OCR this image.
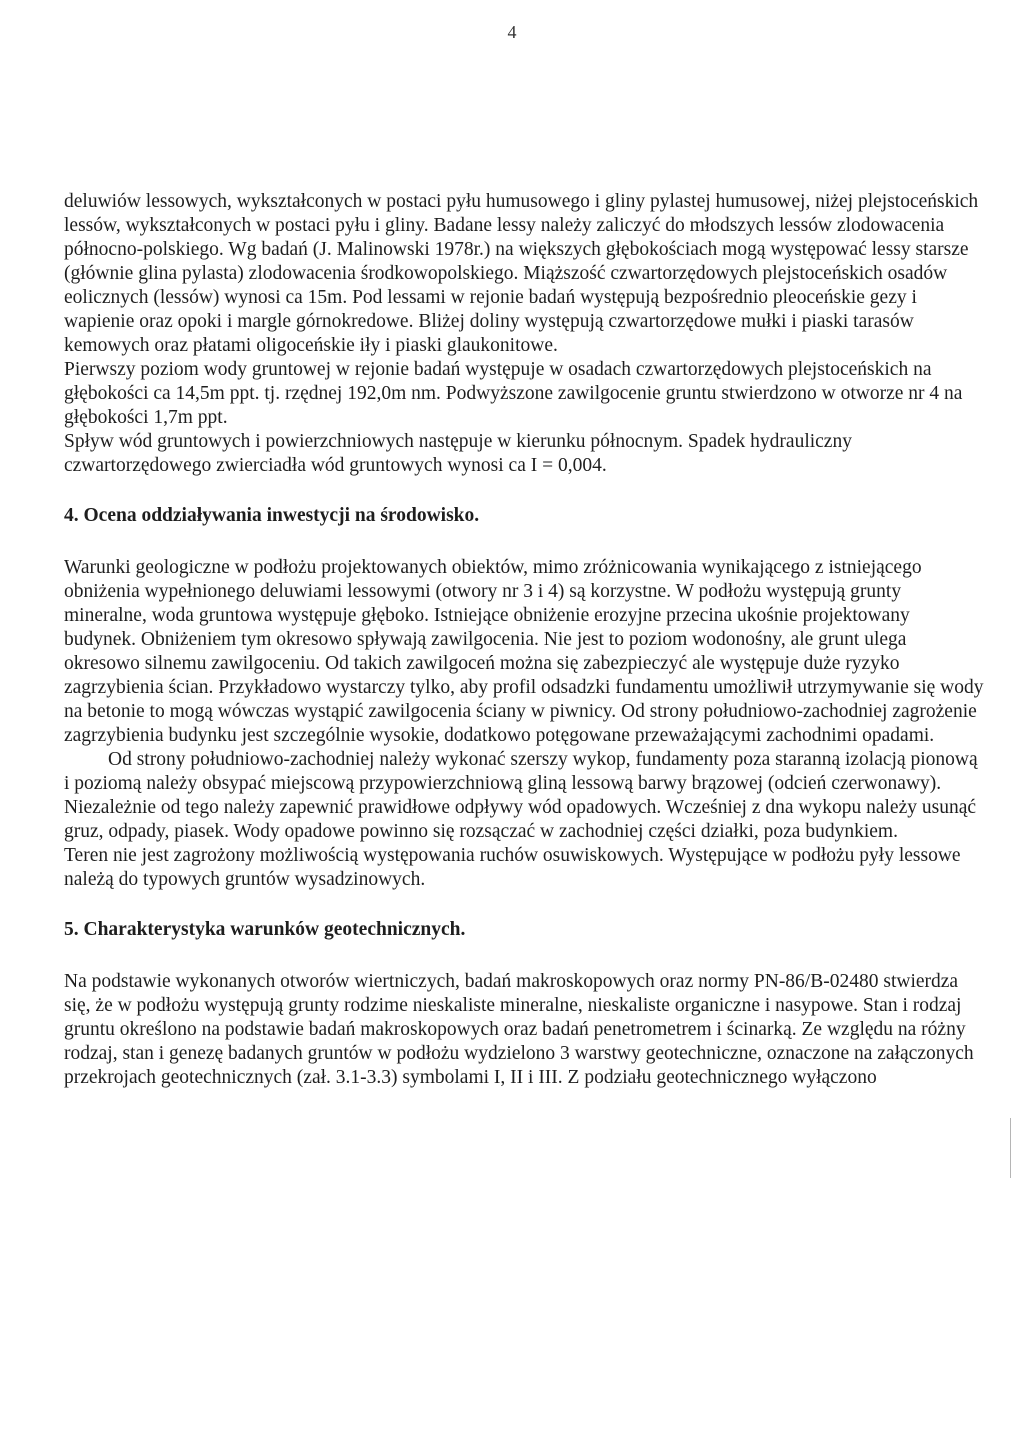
4

deluwiów lessowych, wykształconych w postaci pyłu humusowego i gliny pylastej humusowej, niżej plejstoceńskich lessów, wykształconych w postaci pyłu i gliny. Badane lessy należy zaliczyć do młodszych lessów zlodowacenia północno-polskiego. Wg badań (J. Malinowski 1978r.) na większych głębokościach mogą występować lessy starsze (głównie glina pylasta) zlodowacenia środkowopolskiego. Miąższość czwartorzędowych plejstoceńskich osadów eolicznych (lessów) wynosi ca 15m. Pod lessami w rejonie badań występują bezpośrednio pleoceńskie gezy i wapienie oraz opoki i margle górnokredowe. Bliżej doliny występują czwartorzędowe mułki i piaski tarasów kemowych oraz płatami oligoceńskie iły i piaski glaukonitowe.

Pierwszy poziom wody gruntowej w rejonie badań występuje w osadach czwartorzędowych plejstoceńskich na głębokości ca 14,5m ppt. tj. rzędnej 192,0m nm. Podwyższone zawilgocenie gruntu stwierdzono w otworze nr 4 na głębokości 1,7m ppt.

Spływ wód gruntowych i powierzchniowych następuje w kierunku północnym. Spadek hydrauliczny czwartorzędowego zwierciadła wód gruntowych wynosi ca I = 0,004.

4. Ocena oddziaływania inwestycji na środowisko.

Warunki geologiczne w podłożu projektowanych obiektów, mimo zróżnicowania wynikającego z istniejącego obniżenia wypełnionego deluwiami lessowymi (otwory nr 3 i 4) są korzystne. W podłożu występują grunty mineralne, woda gruntowa występuje głęboko. Istniejące obniżenie erozyjne przecina ukośnie projektowany budynek. Obniżeniem tym okresowo spływają zawilgocenia. Nie jest to poziom wodonośny, ale grunt ulega okresowo silnemu zawilgoceniu. Od takich zawilgoceń można się zabezpieczyć ale występuje duże ryzyko zagrzybienia ścian. Przykładowo wystarczy tylko, aby profil odsadzki fundamentu umożliwił utrzymywanie się wody na betonie to mogą wówczas wystąpić zawilgocenia ściany w piwnicy. Od strony południowo-zachodniej zagrożenie zagrzybienia budynku jest szczególnie wysokie, dodatkowo potęgowane przeważającymi zachodnimi opadami.

Od strony południowo-zachodniej należy wykonać szerszy wykop, fundamenty poza staranną izolacją pionową i poziomą należy obsypać miejscową przypowierzchniową gliną lessową barwy brązowej (odcień czerwonawy). Niezależnie od tego należy zapewnić prawidłowe odpływy wód opadowych. Wcześniej z dna wykopu należy usunąć gruz, odpady, piasek. Wody opadowe powinno się rozsączać w zachodniej części działki, poza budynkiem.

Teren nie jest zagrożony możliwością występowania ruchów osuwiskowych. Występujące w podłożu pyły lessowe należą do typowych gruntów wysadzinowych.

5. Charakterystyka warunków geotechnicznych.

Na podstawie wykonanych otworów wiertniczych, badań makroskopowych oraz normy PN-86/B-02480 stwierdza się, że w podłożu występują grunty rodzime nieskaliste mineralne, nieskaliste organiczne i nasypowe. Stan i rodzaj gruntu określono na podstawie badań makroskopowych oraz badań penetrometrem i ścinarką. Ze względu na różny rodzaj, stan i genezę badanych gruntów w podłożu wydzielono 3 warstwy geotechniczne, oznaczone na załączonych przekrojach geotechnicznych (zał. 3.1-3.3) symbolami I, II i III. Z podziału geotechnicznego wyłączono
